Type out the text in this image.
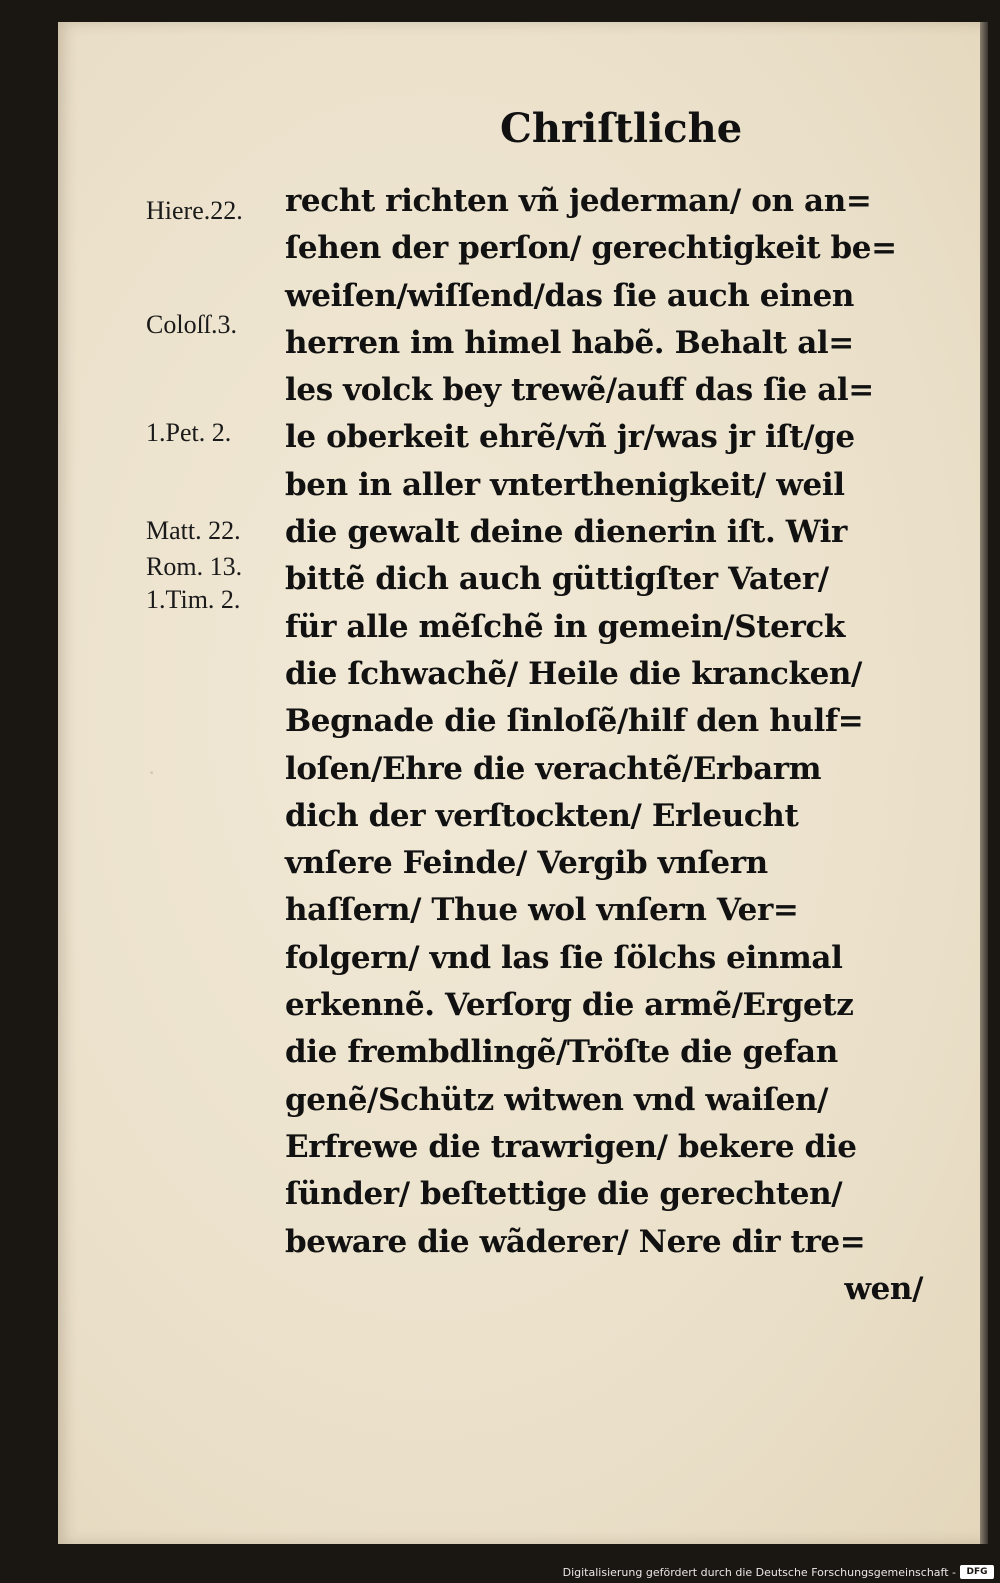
·
Chriſtliche
Hiere.22.
Coloſſ.3.
1.Pet. 2.
Matt. 22.
Rom. 13.
1.Tim. 2.
recht richten vñ jederman/ on an=
ſehen der perſon/ gerechtigkeit be=
weiſen/wiſſend/das ſie auch einen
herren im himel habẽ. Behalt al=
les volck bey trewẽ/auff das ſie al=
le oberkeit ehrẽ/vñ jr/was jr iſt/ge
ben in aller vnterthenigkeit/ weil
die gewalt deine dienerin iſt. Wir
bittẽ dich auch güttigſter Vater/
für alle mẽſchẽ in gemein/Sterck
die ſchwachẽ/ Heile die krancken/
Begnade die ſinloſẽ/hilf den hulf=
loſen/Ehre die verachtẽ/Erbarm
dich der verſtockten/ Erleucht
vnſere Feinde/ Vergib vnſern
haſſern/ Thue wol vnſern Ver=
folgern/ vnd las ſie ſölchs einmal
erkennẽ. Verſorg die armẽ/Ergetz
die frembdlingẽ/Tröſte die gefan
genẽ/Schütz witwen vnd waiſen/
Erfrewe die trawrigen/ bekere die
ſünder/ beſtettige die gerechten/
beware die wãderer/ Nere dir tre=
wen/
Digitalisierung gefördert durch die Deutsche Forschungsgemeinschaft -	DFG
